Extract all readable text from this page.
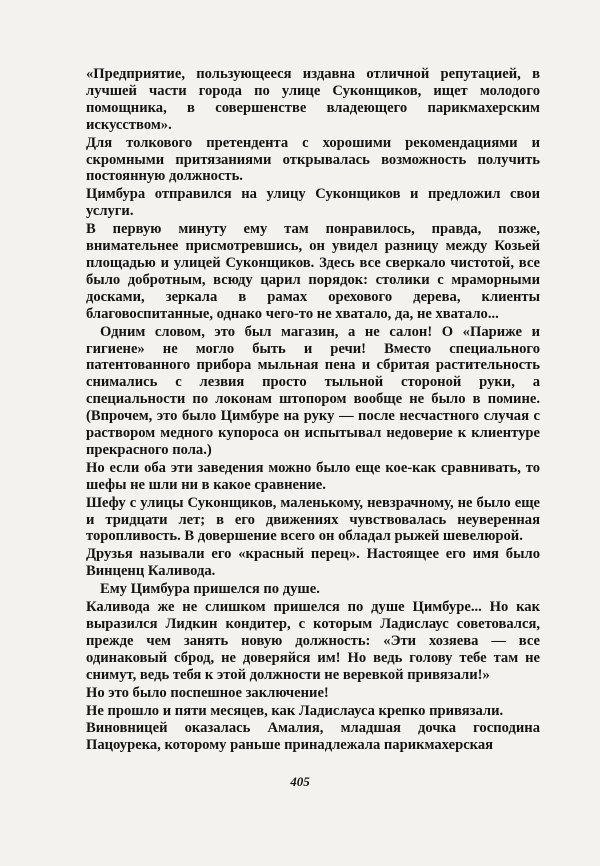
«Предприятие, пользующееся издавна отличной репутацией, в лучшей части города по улице Суконщиков, ищет молодого помощника, в совершенстве владеющего парикмахерским искусством».

Для толкового претендента с хорошими рекомендациями и скромными притязаниями открывалась возможность получить постоянную должность.

Цимбура отправился на улицу Суконщиков и предложил свои услуги.

В первую минуту ему там понравилось, правда, позже, внимательнее присмотревшись, он увидел разницу между Козьей площадью и улицей Суконщиков. Здесь все сверкало чистотой, все было добротным, всюду царил порядок: столики с мраморными досками, зеркала в рамах орехового дерева, клиенты благовоспитанные, однако чего-то не хватало, да, не хватало...

Одним словом, это был магазин, а не салон! О «Париже и гигиене» не могло быть и речи! Вместо специального патентованного прибора мыльная пена и сбритая растительность снимались с лезвия просто тыльной стороной руки, а специальности по локонам штопором вообще не было в помине. (Впрочем, это было Цимбуре на руку — после несчастного случая с раствором медного купороса он испытывал недоверие к клиентуре прекрасного пола.)

Но если оба эти заведения можно было еще кое-как сравнивать, то шефы не шли ни в какое сравнение.

Шефу с улицы Суконщиков, маленькому, невзрачному, не было еще и тридцати лет; в его движениях чувствовалась неуверенная торопливость. В довершение всего он обладал рыжей шевелюрой.

Друзья называли его «красный перец». Настоящее его имя было Винценц Каливода.

Ему Цимбура пришелся по душе.

Каливода же не слишком пришелся по душе Цимбуре... Но как выразился Лидкин кондитер, с которым Ладислаус советовался, прежде чем занять новую должность: «Эти хозяева — все одинаковый сброд, не доверяйся им! Но ведь голову тебе там не снимут, ведь тебя к этой должности не веревкой привязали!»

Но это было поспешное заключение!

Не прошло и пяти месяцев, как Ладислауса крепко привязали.

Виновницей оказалась Амалия, младшая дочка господина Пацоурека, которому раньше принадлежала парикмахерская

405
